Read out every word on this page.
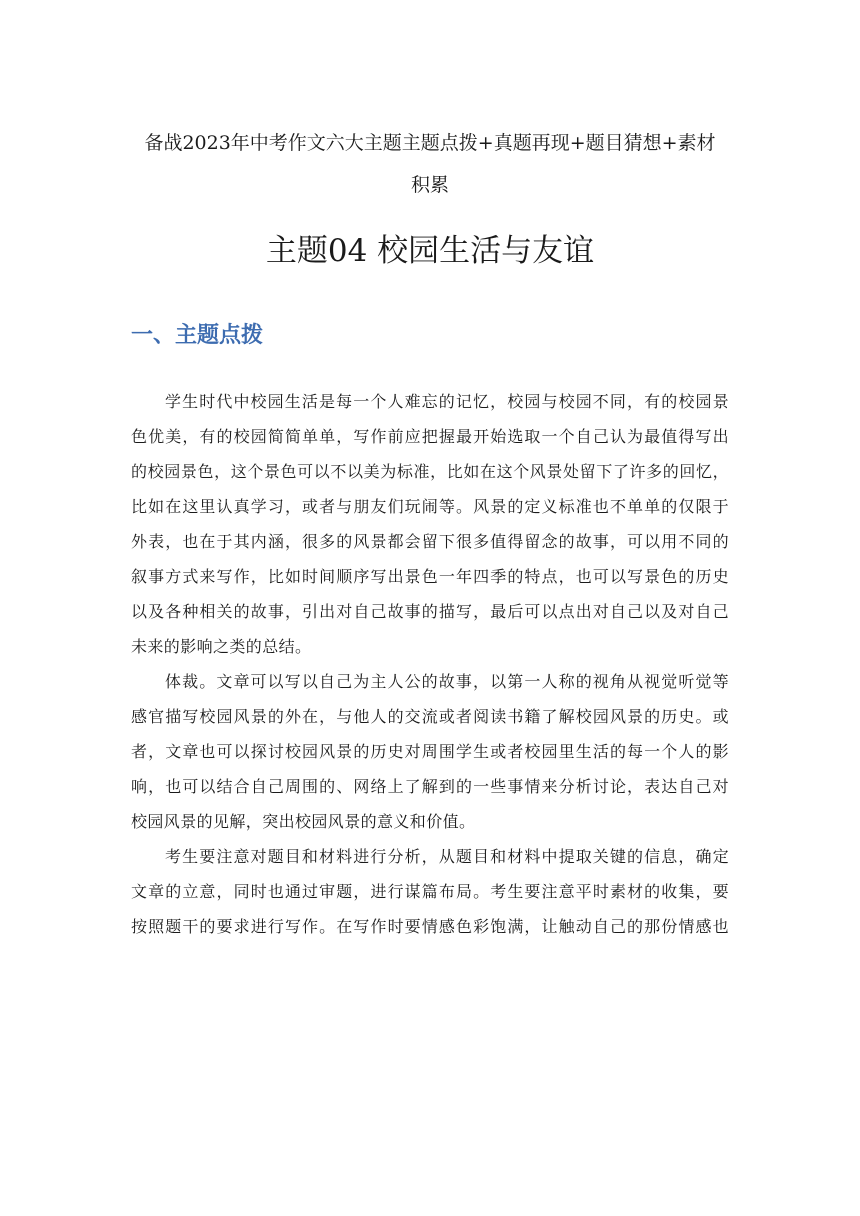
备战2023年中考作文六大主题主题点拨+真题再现+题目猜想+素材
积累
主题04 校园生活与友谊
一、主题点拨

学生时代中校园生活是每一个人难忘的记忆，校园与校园不同，有的校园景
色优美，有的校园简简单单，写作前应把握最开始选取一个自己认为最值得写出
的校园景色，这个景色可以不以美为标准，比如在这个风景处留下了许多的回忆，
比如在这里认真学习，或者与朋友们玩闹等。风景的定义标准也不单单的仅限于
外表，也在于其内涵，很多的风景都会留下很多值得留念的故事，可以用不同的
叙事方式来写作，比如时间顺序写出景色一年四季的特点，也可以写景色的历史
以及各种相关的故事，引出对自己故事的描写，最后可以点出对自己以及对自己
未来的影响之类的总结。

体裁。文章可以写以自己为主人公的故事，以第一人称的视角从视觉听觉等
感官描写校园风景的外在，与他人的交流或者阅读书籍了解校园风景的历史。或
者，文章也可以探讨校园风景的历史对周围学生或者校园里生活的每一个人的影
响，也可以结合自己周围的、网络上了解到的一些事情来分析讨论，表达自己对
校园风景的见解，突出校园风景的意义和价值。

考生要注意对题目和材料进行分析，从题目和材料中提取关键的信息，确定
文章的立意，同时也通过审题，进行谋篇布局。考生要注意平时素材的收集，要
按照题干的要求进行写作。在写作时要情感色彩饱满，让触动自己的那份情感也
